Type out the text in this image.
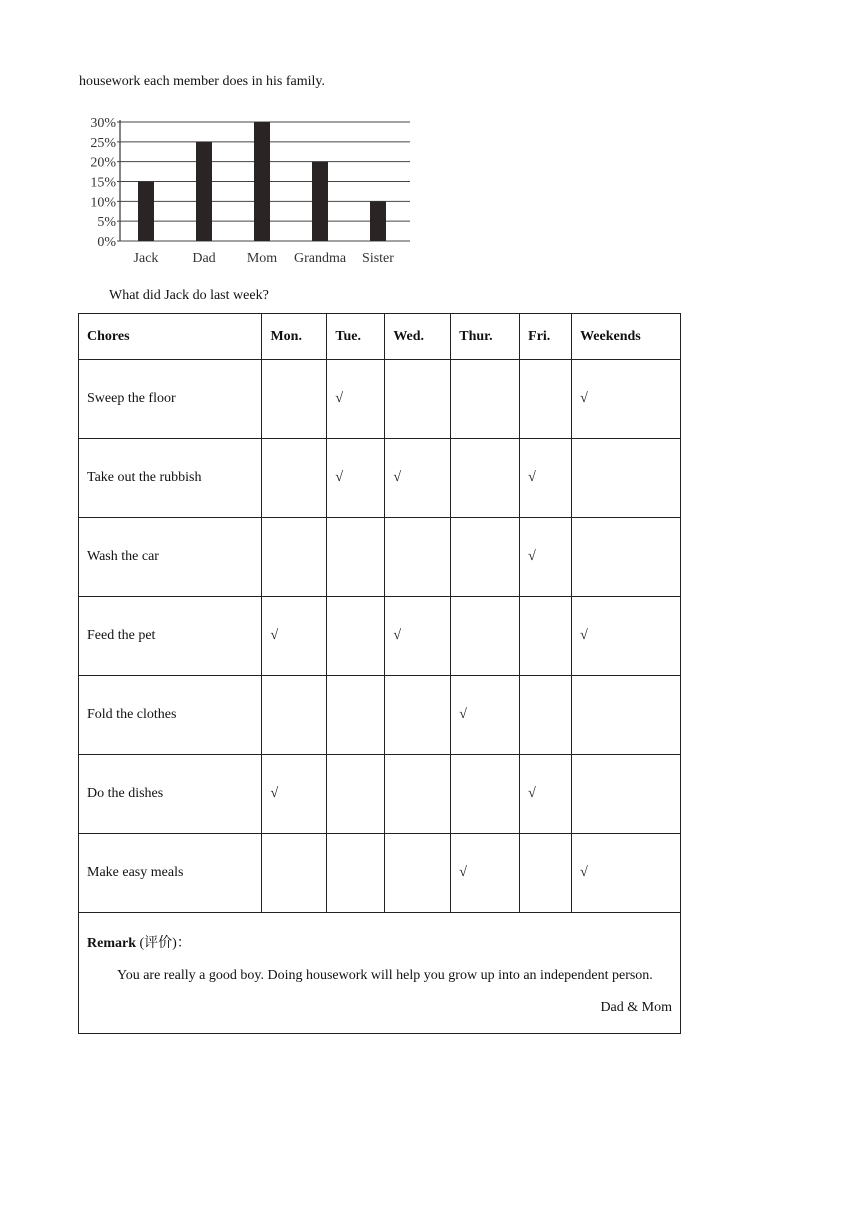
housework each member does in his family.

0%
5%
10%
15%
20%
25%
30%
Jack Dad Mom Grandma Sister

What did Jack do last week?

Chores	Mon.	Tue.	Wed.	Thur.	Fri.	Weekends
Sweep the floor		√				√
Take out the rubbish		√	√		√	
Wash the car					√	
Feed the pet	√		√			√
Fold the clothes				√		
Do the dishes	√				√	
Make easy meals				√		√

Remark (评价)：

You are really a good boy. Doing housework will help you grow up into an independent person.

Dad & Mom						
